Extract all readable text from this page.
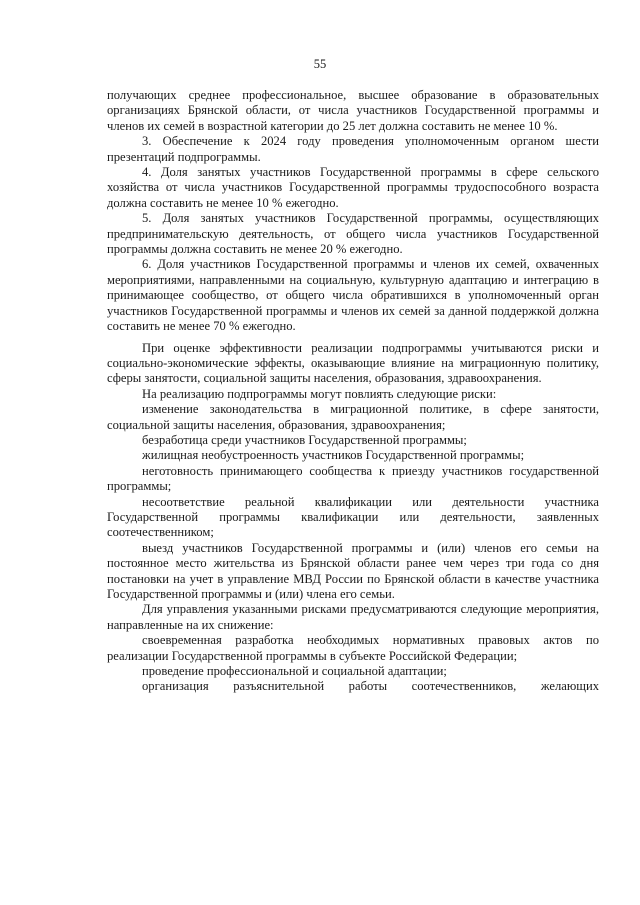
55

получающих среднее профессиональное, высшее образование в образовательных организациях Брянской области, от числа участников Государственной программы и членов их семей в возрастной категории до 25 лет должна составить не менее 10 %.

3. Обеспечение к 2024 году проведения уполномоченным органом шести презентаций подпрограммы.

4. Доля занятых участников Государственной программы в сфере сельского хозяйства от числа участников Государственной программы трудоспособного возраста должна составить не менее 10 % ежегодно.

5. Доля занятых участников Государственной программы, осуществляющих предпринимательскую деятельность, от общего числа участников Государственной программы должна составить не менее 20 % ежегодно.

6. Доля участников Государственной программы и членов их семей, охваченных мероприятиями, направленными на социальную, культурную адаптацию и интеграцию в принимающее сообщество, от общего числа обратившихся в уполномоченный орган участников Государственной программы и членов их семей за данной поддержкой должна составить не менее 70 % ежегодно.

При оценке эффективности реализации подпрограммы учитываются риски и социально-экономические эффекты, оказывающие влияние на миграционную политику, сферы занятости, социальной защиты населения, образования, здравоохранения.

На реализацию подпрограммы могут повлиять следующие риски:

изменение законодательства в миграционной политике, в сфере занятости, социальной защиты населения, образования, здравоохранения;

безработица среди участников Государственной программы;

жилищная необустроенность участников Государственной программы;

неготовность принимающего сообщества к приезду участников государственной программы;

несоответствие реальной квалификации или деятельности участника Государственной программы квалификации или деятельности, заявленных соотечественником;

выезд участников Государственной программы и (или) членов его семьи на постоянное место жительства из Брянской области ранее чем через три года со дня постановки на учет в управление МВД России по Брянской области в качестве участника Государственной программы и (или) члена его семьи.

Для управления указанными рисками предусматриваются следующие мероприятия, направленные на их снижение:

своевременная разработка необходимых нормативных правовых актов по реализации Государственной программы в субъекте Российской Федерации;

проведение профессиональной и социальной адаптации;

организация разъяснительной работы соотечественников, желающих
